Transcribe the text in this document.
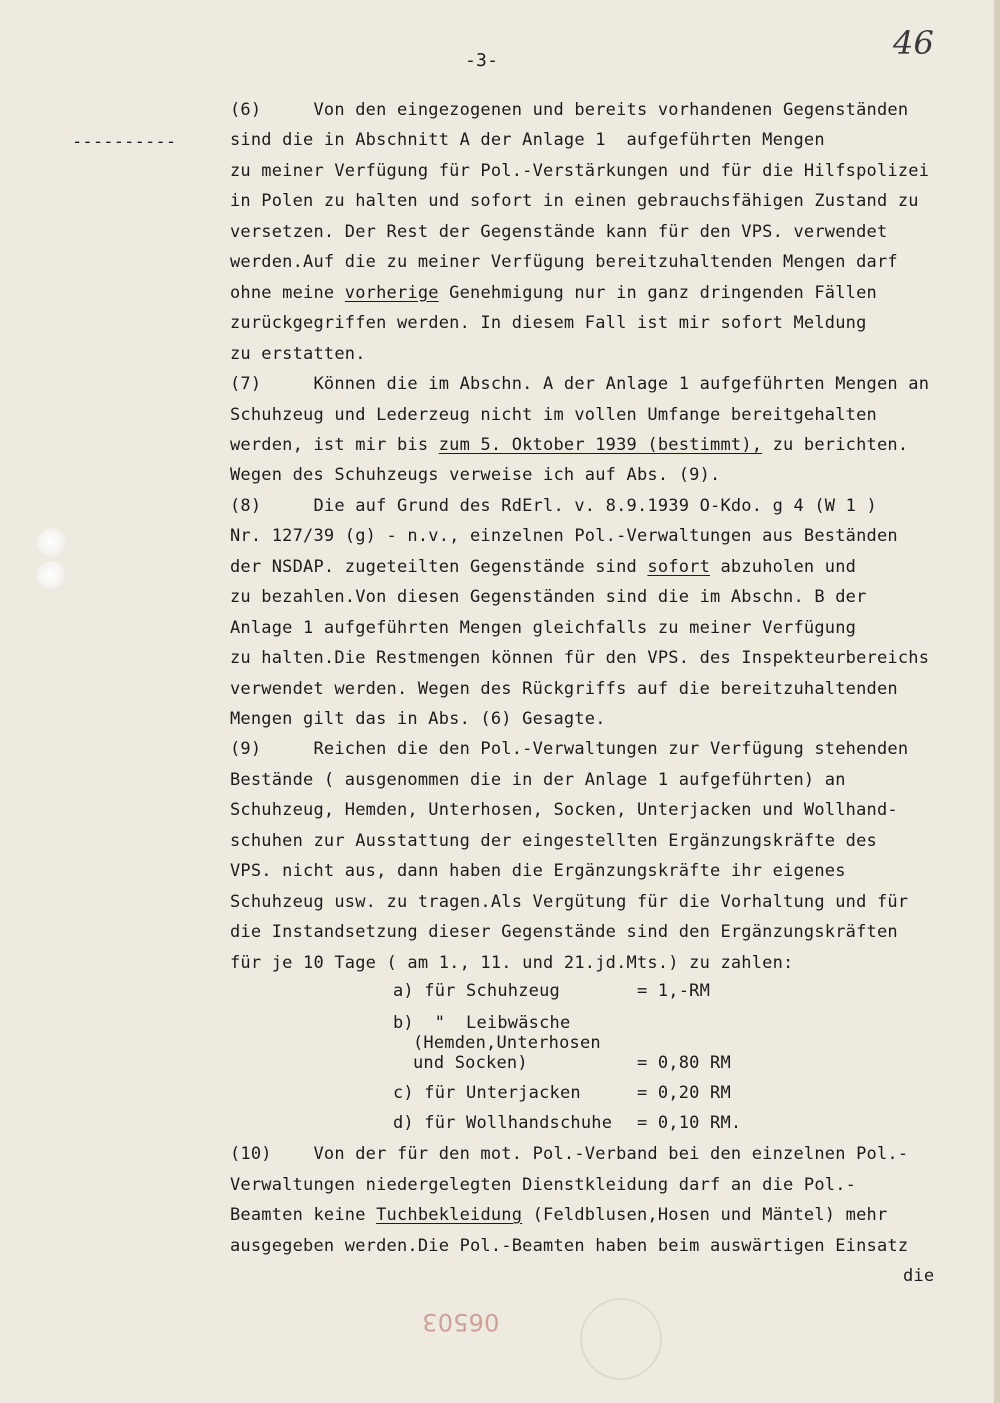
46
-3-
----------
(6)     Von den eingezogenen und bereits vorhandenen Gegenständen
sind die in Abschnitt A der Anlage 1  aufgeführten Mengen
zu meiner Verfügung für Pol.-Verstärkungen und für die Hilfspolizei
in Polen zu halten und sofort in einen gebrauchsfähigen Zustand zu
versetzen. Der Rest der Gegenstände kann für den VPS. verwendet
werden.Auf die zu meiner Verfügung bereitzuhaltenden Mengen darf
ohne meine vorherige Genehmigung nur in ganz dringenden Fällen
zurückgegriffen werden. In diesem Fall ist mir sofort Meldung
zu erstatten.
(7)     Können die im Abschn. A der Anlage 1 aufgeführten Mengen an
Schuhzeug und Lederzeug nicht im vollen Umfange bereitgehalten
werden, ist mir bis zum 5. Oktober 1939 (bestimmt), zu berichten.
Wegen des Schuhzeugs verweise ich auf Abs. (9).
(8)     Die auf Grund des RdErl. v. 8.9.1939 O-Kdo. g 4 (W 1 )
Nr. 127/39 (g) - n.v., einzelnen Pol.-Verwaltungen aus Beständen
der NSDAP. zugeteilten Gegenstände sind sofort abzuholen und
zu bezahlen.Von diesen Gegenständen sind die im Abschn. B der
Anlage 1 aufgeführten Mengen gleichfalls zu meiner Verfügung
zu halten.Die Restmengen können für den VPS. des Inspekteurbereichs
verwendet werden. Wegen des Rückgriffs auf die bereitzuhaltenden
Mengen gilt das in Abs. (6) Gesagte.
(9)     Reichen die den Pol.-Verwaltungen zur Verfügung stehenden
Bestände ( ausgenommen die in der Anlage 1 aufgeführten) an
Schuhzeug, Hemden, Unterhosen, Socken, Unterjacken und Wollhand-
schuhen zur Ausstattung der eingestellten Ergänzungskräfte des
VPS. nicht aus, dann haben die Ergänzungskräfte ihr eigenes
Schuhzeug usw. zu tragen.Als Vergütung für die Vorhaltung und für
die Instandsetzung dieser Gegenstände sind den Ergänzungskräften
für je 10 Tage ( am 1., 11. und 21.jd.Mts.) zu zahlen:
a) für Schuhzeug	= 1,-RM
b)  "  Leibwäsche
(Hemden,Unterhosen
und Socken)	= 0,80 RM
c) für Unterjacken	= 0,20 RM
d) für Wollhandschuhe = 0,10 RM.
(10)    Von der für den mot. Pol.-Verband bei den einzelnen Pol.-
Verwaltungen niedergelegten Dienstkleidung darf an die Pol.-
Beamten keine Tuchbekleidung (Feldblusen,Hosen und Mäntel) mehr
ausgegeben werden.Die Pol.-Beamten haben beim auswärtigen Einsatz
die
06503
